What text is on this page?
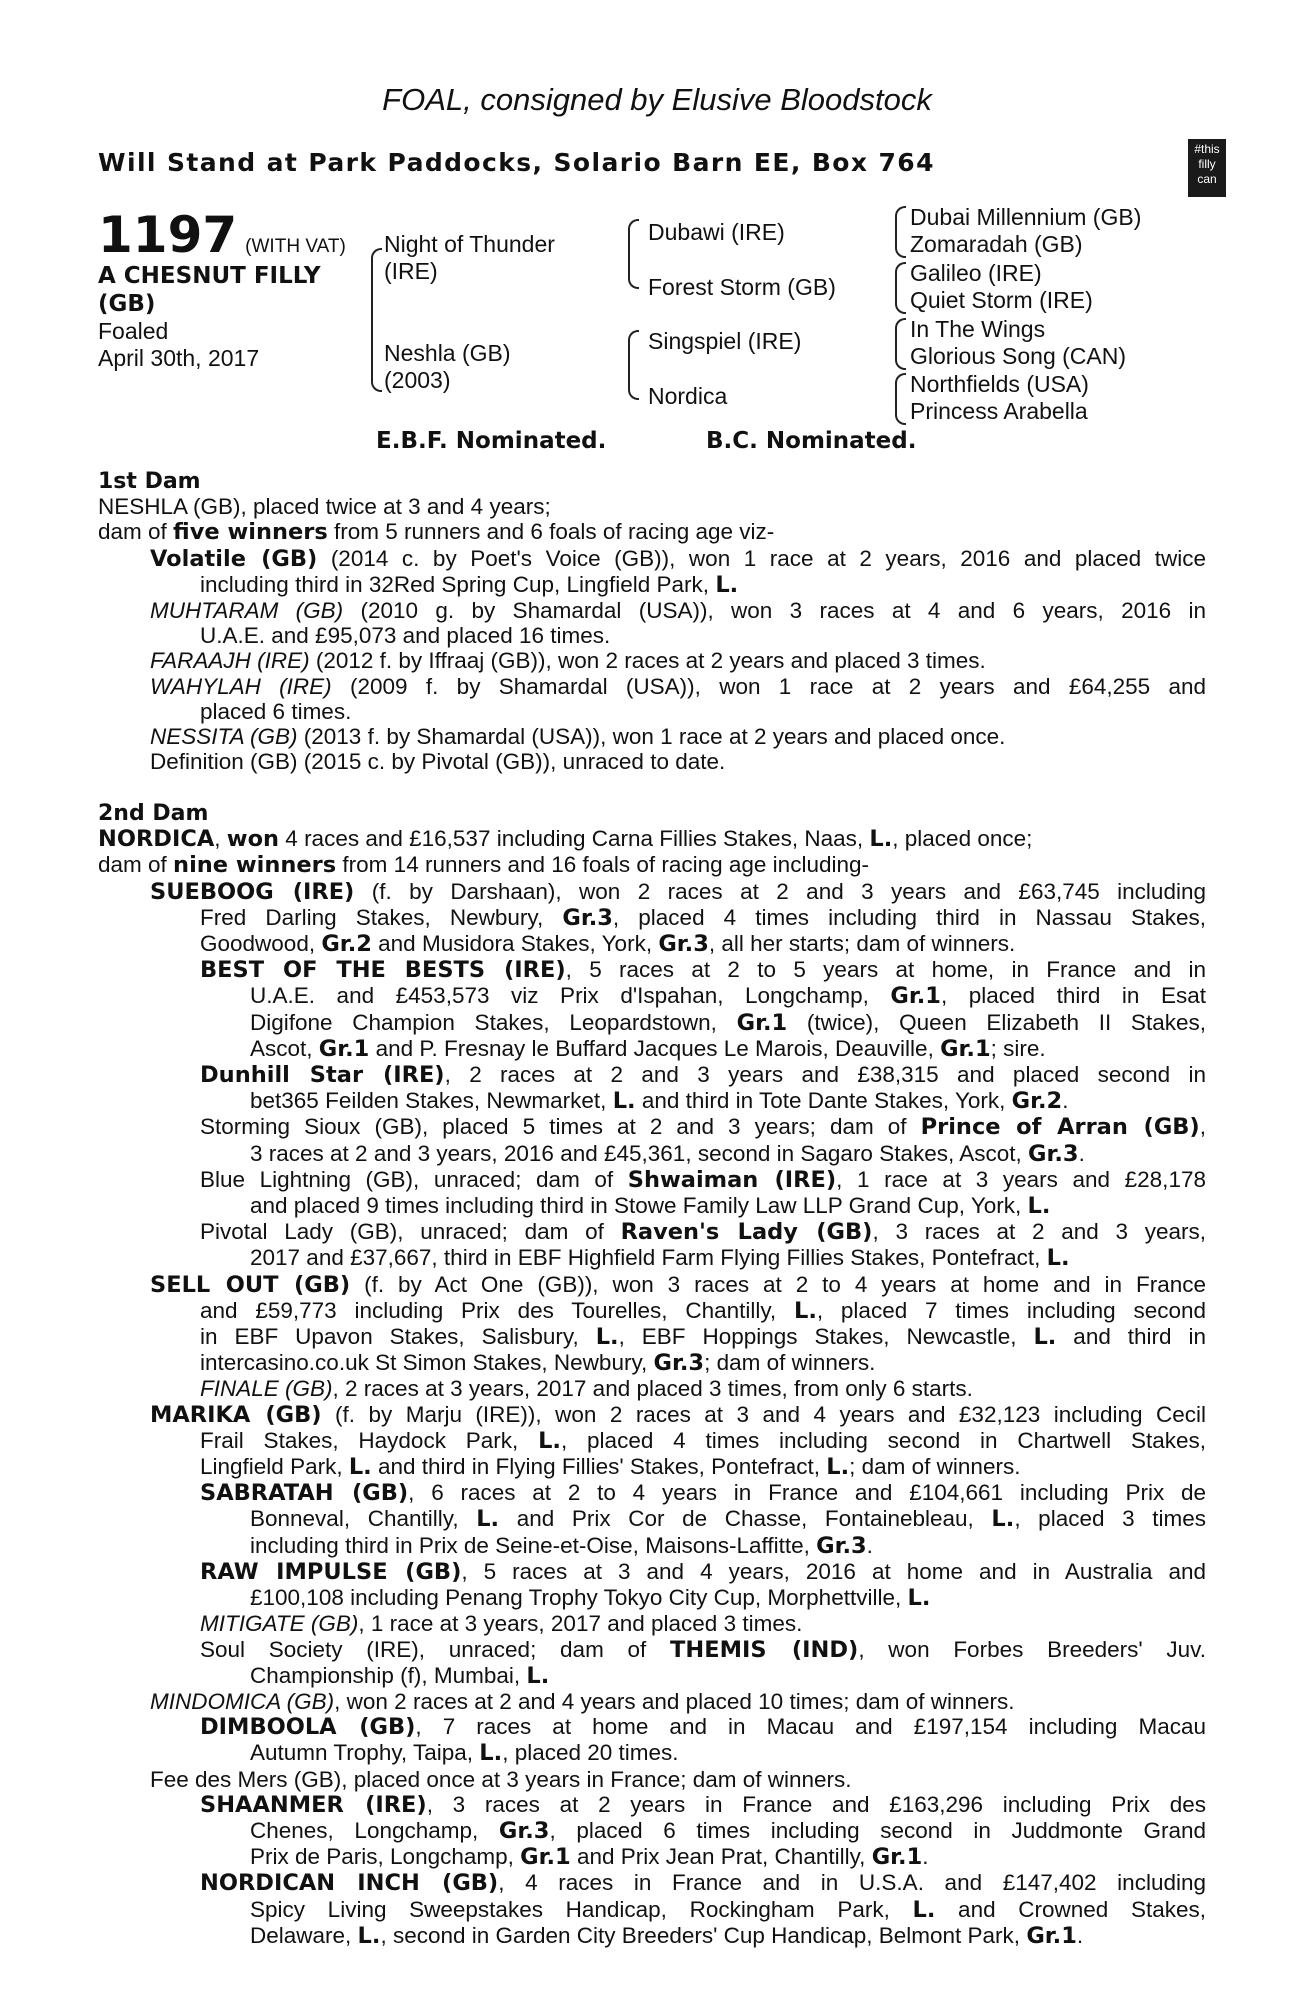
FOAL, consigned by Elusive Bloodstock
Will Stand at Park Paddocks, Solario Barn EE, Box 764	#this
filly
can
1197 (WITH VAT)
A CHESNUT FILLY
(GB)
Foaled
April 30th, 2017
Night of Thunder
(IRE)
Neshla (GB)
(2003)
Dubawi (IRE)
Forest Storm (GB)
Singspiel (IRE)
Nordica
Dubai Millennium (GB)
Zomaradah (GB)
Galileo (IRE)
Quiet Storm (IRE)
In The Wings
Glorious Song (CAN)
Northfields (USA)
Princess Arabella
E.B.F. Nominated.	B.C. Nominated.
1st Dam
NESHLA (GB), placed twice at 3 and 4 years;
dam of five winners from 5 runners and 6 foals of racing age viz-
Volatile (GB) (2014 c. by Poet's Voice (GB)), won 1 race at 2 years, 2016 and placed twice
including third in 32Red Spring Cup, Lingfield Park, L.
MUHTARAM (GB) (2010 g. by Shamardal (USA)), won 3 races at 4 and 6 years, 2016 in
U.A.E. and £95,073 and placed 16 times.
FARAAJH (IRE) (2012 f. by Iffraaj (GB)), won 2 races at 2 years and placed 3 times.
WAHYLAH (IRE) (2009 f. by Shamardal (USA)), won 1 race at 2 years and £64,255 and
placed 6 times.
NESSITA (GB) (2013 f. by Shamardal (USA)), won 1 race at 2 years and placed once.
Definition (GB) (2015 c. by Pivotal (GB)), unraced to date.
2nd Dam
NORDICA, won 4 races and £16,537 including Carna Fillies Stakes, Naas, L., placed once;
dam of nine winners from 14 runners and 16 foals of racing age including-
SUEBOOG (IRE) (f. by Darshaan), won 2 races at 2 and 3 years and £63,745 including
Fred Darling Stakes, Newbury, Gr.3, placed 4 times including third in Nassau Stakes,
Goodwood, Gr.2 and Musidora Stakes, York, Gr.3, all her starts; dam of winners.
BEST OF THE BESTS (IRE), 5 races at 2 to 5 years at home, in France and in
U.A.E. and £453,573 viz Prix d'Ispahan, Longchamp, Gr.1, placed third in Esat
Digifone Champion Stakes, Leopardstown, Gr.1 (twice), Queen Elizabeth II Stakes,
Ascot, Gr.1 and P. Fresnay le Buffard Jacques Le Marois, Deauville, Gr.1; sire.
Dunhill Star (IRE), 2 races at 2 and 3 years and £38,315 and placed second in
bet365 Feilden Stakes, Newmarket, L. and third in Tote Dante Stakes, York, Gr.2.
Storming Sioux (GB), placed 5 times at 2 and 3 years; dam of Prince of Arran (GB),
3 races at 2 and 3 years, 2016 and £45,361, second in Sagaro Stakes, Ascot, Gr.3.
Blue Lightning (GB), unraced; dam of Shwaiman (IRE), 1 race at 3 years and £28,178
and placed 9 times including third in Stowe Family Law LLP Grand Cup, York, L.
Pivotal Lady (GB), unraced; dam of Raven's Lady (GB), 3 races at 2 and 3 years,
2017 and £37,667, third in EBF Highfield Farm Flying Fillies Stakes, Pontefract, L.
SELL OUT (GB) (f. by Act One (GB)), won 3 races at 2 to 4 years at home and in France
and £59,773 including Prix des Tourelles, Chantilly, L., placed 7 times including second
in EBF Upavon Stakes, Salisbury, L., EBF Hoppings Stakes, Newcastle, L. and third in
intercasino.co.uk St Simon Stakes, Newbury, Gr.3; dam of winners.
FINALE (GB), 2 races at 3 years, 2017 and placed 3 times, from only 6 starts.
MARIKA (GB) (f. by Marju (IRE)), won 2 races at 3 and 4 years and £32,123 including Cecil
Frail Stakes, Haydock Park, L., placed 4 times including second in Chartwell Stakes,
Lingfield Park, L. and third in Flying Fillies' Stakes, Pontefract, L.; dam of winners.
SABRATAH (GB), 6 races at 2 to 4 years in France and £104,661 including Prix de
Bonneval, Chantilly, L. and Prix Cor de Chasse, Fontainebleau, L., placed 3 times
including third in Prix de Seine-et-Oise, Maisons-Laffitte, Gr.3.
RAW IMPULSE (GB), 5 races at 3 and 4 years, 2016 at home and in Australia and
£100,108 including Penang Trophy Tokyo City Cup, Morphettville, L.
MITIGATE (GB), 1 race at 3 years, 2017 and placed 3 times.
Soul Society (IRE), unraced; dam of THEMIS (IND), won Forbes Breeders' Juv.
Championship (f), Mumbai, L.
MINDOMICA (GB), won 2 races at 2 and 4 years and placed 10 times; dam of winners.
DIMBOOLA (GB), 7 races at home and in Macau and £197,154 including Macau
Autumn Trophy, Taipa, L., placed 20 times.
Fee des Mers (GB), placed once at 3 years in France; dam of winners.
SHAANMER (IRE), 3 races at 2 years in France and £163,296 including Prix des
Chenes, Longchamp, Gr.3, placed 6 times including second in Juddmonte Grand
Prix de Paris, Longchamp, Gr.1 and Prix Jean Prat, Chantilly, Gr.1.
NORDICAN INCH (GB), 4 races in France and in U.S.A. and £147,402 including
Spicy Living Sweepstakes Handicap, Rockingham Park, L. and Crowned Stakes,
Delaware, L., second in Garden City Breeders' Cup Handicap, Belmont Park, Gr.1.
